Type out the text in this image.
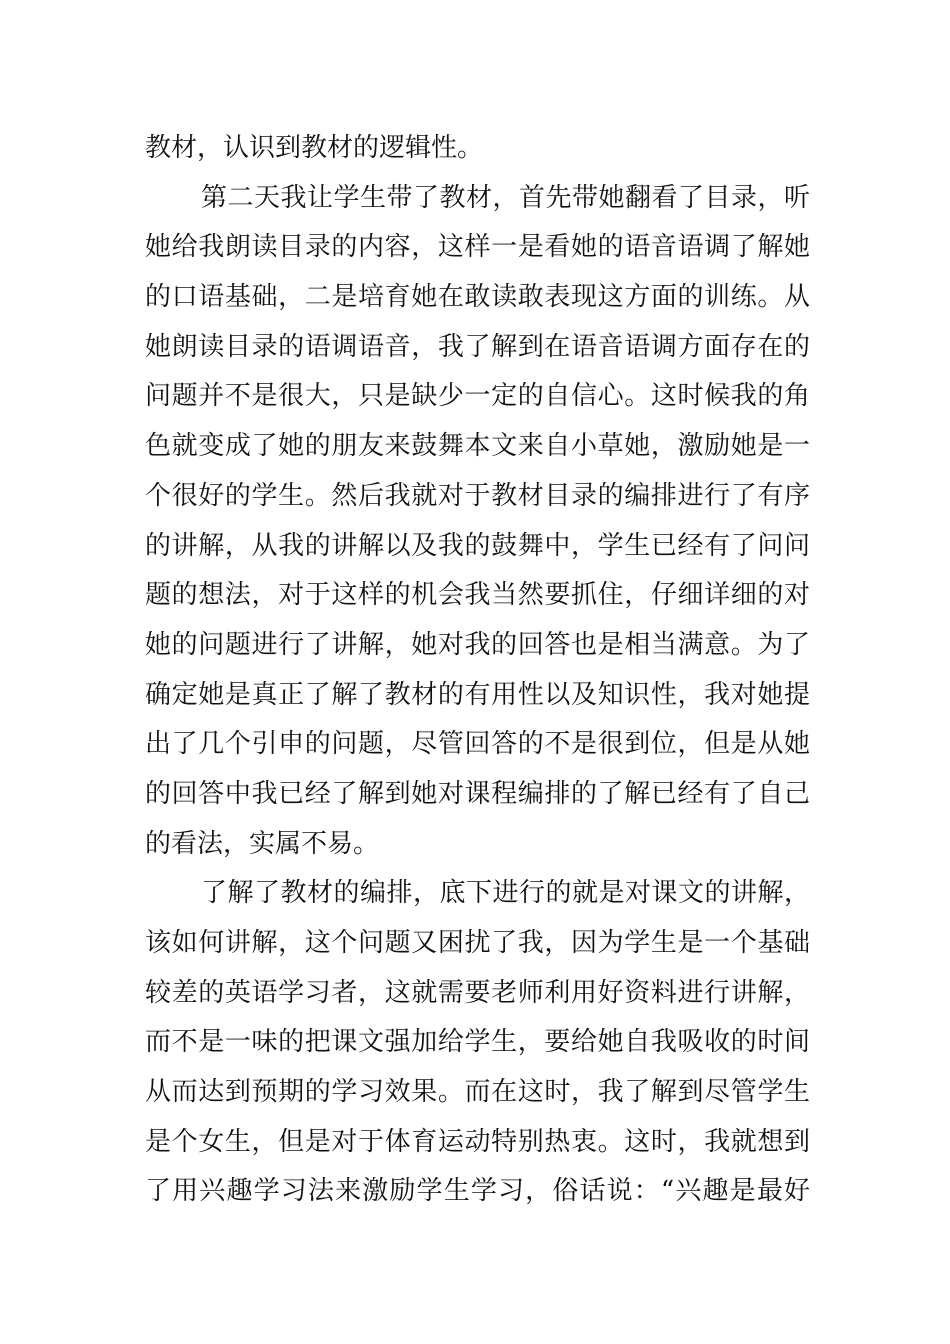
教材，认识到教材的逻辑性。
第二天我让学生带了教材，首先带她翻看了目录，听
她给我朗读目录的内容，这样一是看她的语音语调了解她
的口语基础，二是培育她在敢读敢表现这方面的训练。从
她朗读目录的语调语音，我了解到在语音语调方面存在的
问题并不是很大，只是缺少一定的自信心。这时候我的角
色就变成了她的朋友来鼓舞本文来自小草她，激励她是一
个很好的学生。然后我就对于教材目录的编排进行了有序
的讲解，从我的讲解以及我的鼓舞中，学生已经有了问问
题的想法，对于这样的机会我当然要抓住，仔细详细的对
她的问题进行了讲解，她对我的回答也是相当满意。为了
确定她是真正了解了教材的有用性以及知识性，我对她提
出了几个引申的问题，尽管回答的不是很到位，但是从她
的回答中我已经了解到她对课程编排的了解已经有了自己
的看法，实属不易。
了解了教材的编排，底下进行的就是对课文的讲解，
该如何讲解，这个问题又困扰了我，因为学生是一个基础
较差的英语学习者，这就需要老师利用好资料进行讲解，
而不是一味的把课文强加给学生，要给她自我吸收的时间
从而达到预期的学习效果。而在这时，我了解到尽管学生
是个女生，但是对于体育运动特别热衷。这时，我就想到
了用兴趣学习法来激励学生学习，俗话说：“兴趣是最好
